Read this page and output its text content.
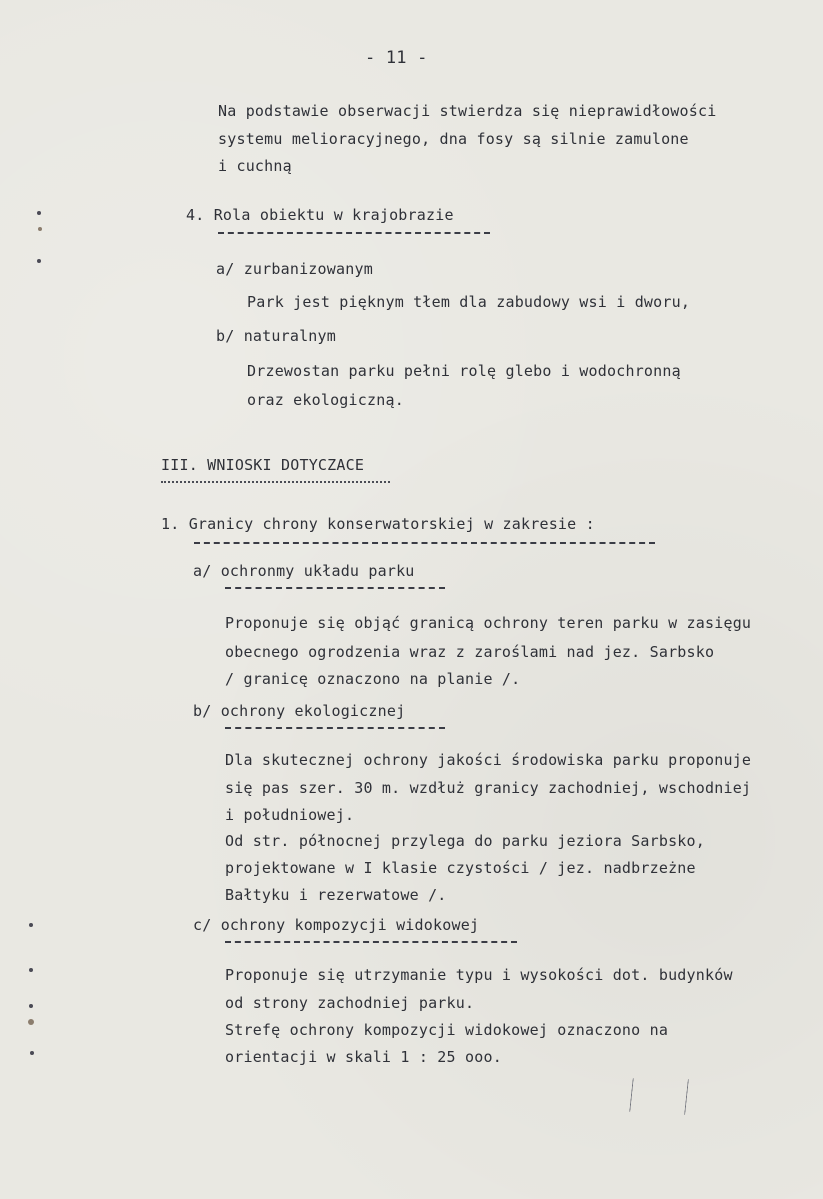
- 11 -
Na podstawie obserwacji stwierdza się nieprawidłowości
systemu melioracyjnego, dna fosy są silnie zamulone
i cuchną
4. Rola obiektu w krajobrazie
a/ zurbanizowanym
Park jest pięknym tłem dla zabudowy wsi i dworu,
b/ naturalnym
Drzewostan parku pełni rolę glebo i wodochronną
oraz ekologiczną.
III. WNIOSKI DOTYCZACE
1. Granicy chrony konserwatorskiej w zakresie :
a/ ochronmy układu parku
Proponuje się objąć granicą ochrony teren parku w zasięgu
obecnego ogrodzenia wraz z zaroślami nad jez. Sarbsko
/ granicę oznaczono na planie /.
b/ ochrony ekologicznej
Dla skutecznej ochrony jakości środowiska parku proponuje
się pas szer. 30 m. wzdłuż granicy zachodniej, wschodniej
i południowej.
Od str. północnej przylega do parku jeziora Sarbsko,
projektowane w I klasie czystości / jez. nadbrzeżne
Bałtyku i rezerwatowe /.
c/ ochrony kompozycji widokowej
Proponuje się utrzymanie typu i wysokości dot. budynków
od strony zachodniej parku.
Strefę ochrony kompozycji widokowej oznaczono na
orientacji w skali 1 : 25 ooo.
